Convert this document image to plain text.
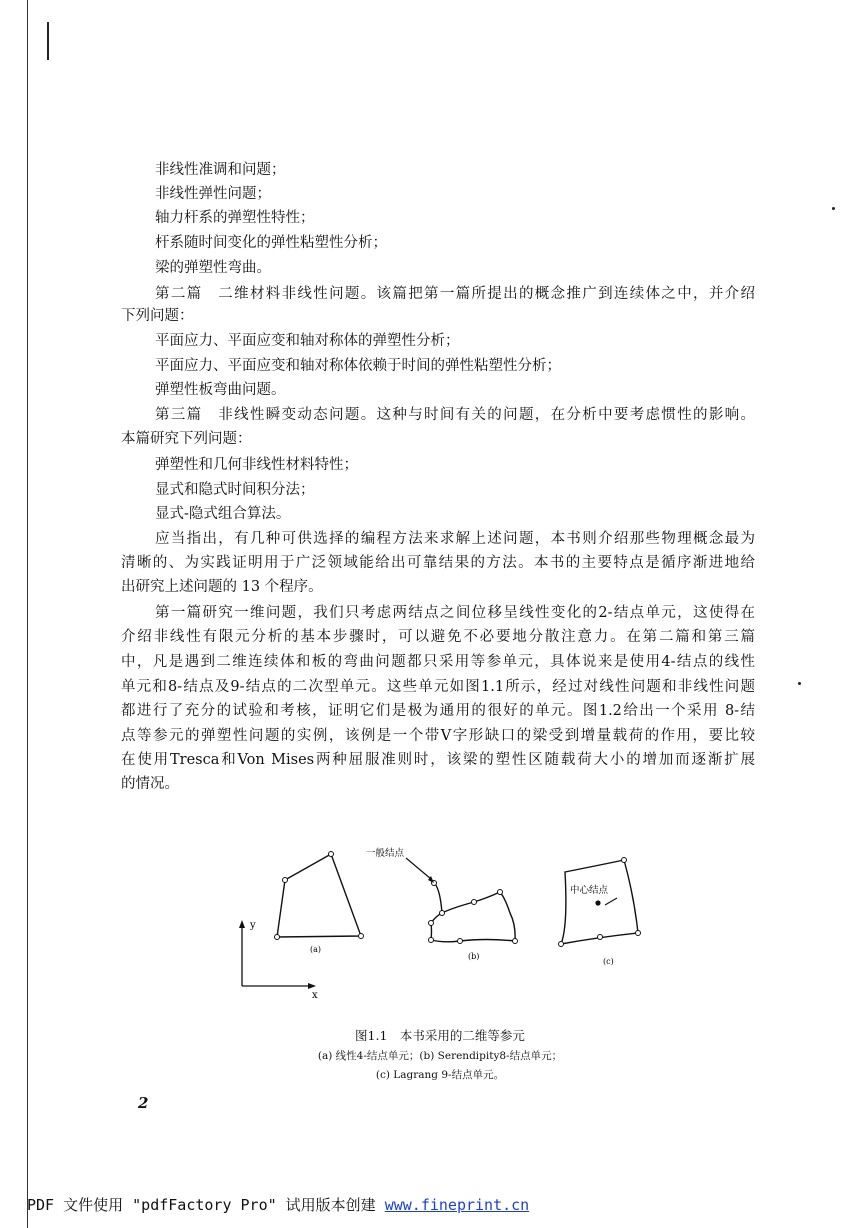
非线性准调和问题；
非线性弹性问题；
轴力杆系的弹塑性特性；
杆系随时间变化的弹性粘塑性分析；
梁的弹塑性弯曲。
第二篇　二维材料非线性问题。该篇把第一篇所提出的概念推广到连续体之中，并介绍
下列问题：
平面应力、平面应变和轴对称体的弹塑性分析；
平面应力、平面应变和轴对称体依赖于时间的弹性粘塑性分析；
弹塑性板弯曲问题。
第三篇　非线性瞬变动态问题。这种与时间有关的问题，在分析中要考虑惯性的影响。
本篇研究下列问题：
弹塑性和几何非线性材料特性；
显式和隐式时间积分法；
显式-隐式组合算法。
应当指出，有几种可供选择的编程方法来求解上述问题，本书则介绍那些物理概念最为
清晰的、为实践证明用于广泛领域能给出可靠结果的方法。本书的主要特点是循序渐进地给
出研究上述问题的 13 个程序。
第一篇研究一维问题，我们只考虑两结点之间位移呈线性变化的2-结点单元，这使得在
介绍非线性有限元分析的基本步骤时，可以避免不必要地分散注意力。在第二篇和第三篇
中，凡是遇到二维连续体和板的弯曲问题都只采用等参单元，具体说来是使用4-结点的线性
单元和8-结点及9-结点的二次型单元。这些单元如图1.1所示，经过对线性问题和非线性问题
都进行了充分的试验和考核，证明它们是极为通用的很好的单元。图1.2给出一个采用 8-结
点等参元的弹塑性问题的实例，该例是一个带V字形缺口的梁受到增量载荷的作用，要比较
在使用Tresca和Von Mises两种屈服准则时，该梁的塑性区随载荷大小的增加而逐渐扩展
的情况。
y
x
(a)
(b)
一般结点
中心结点
(c)
图1.1　本书采用的二维等参元
(a) 线性4-结点单元；(b) Serendipity8-结点单元；
(c) Lagrang 9-结点单元。
2
PDF 文件使用 "pdfFactory Pro" 试用版本创建 www.fineprint.cn
